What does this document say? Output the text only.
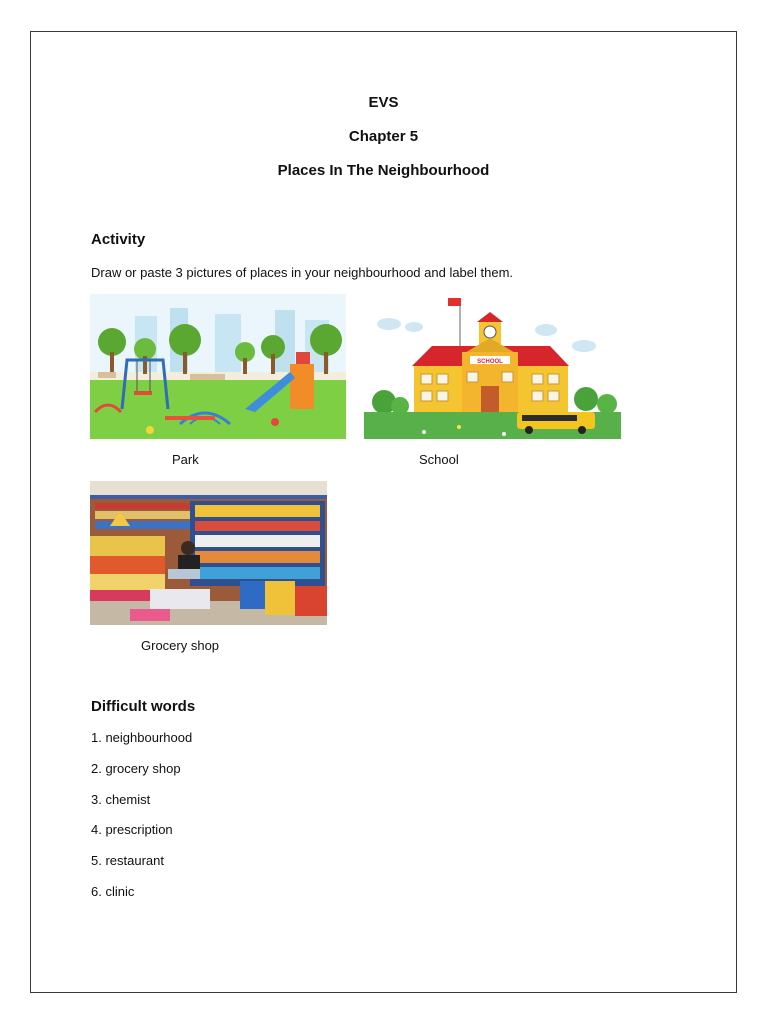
EVS
Chapter 5
Places In The Neighbourhood
Activity
Draw or paste 3 pictures of places in your neighbourhood and label them.
SCHOOL
Park	School
Grocery shop
Difficult words
1. neighbourhood
2. grocery shop
3. chemist
4. prescription
5. restaurant
6. clinic
